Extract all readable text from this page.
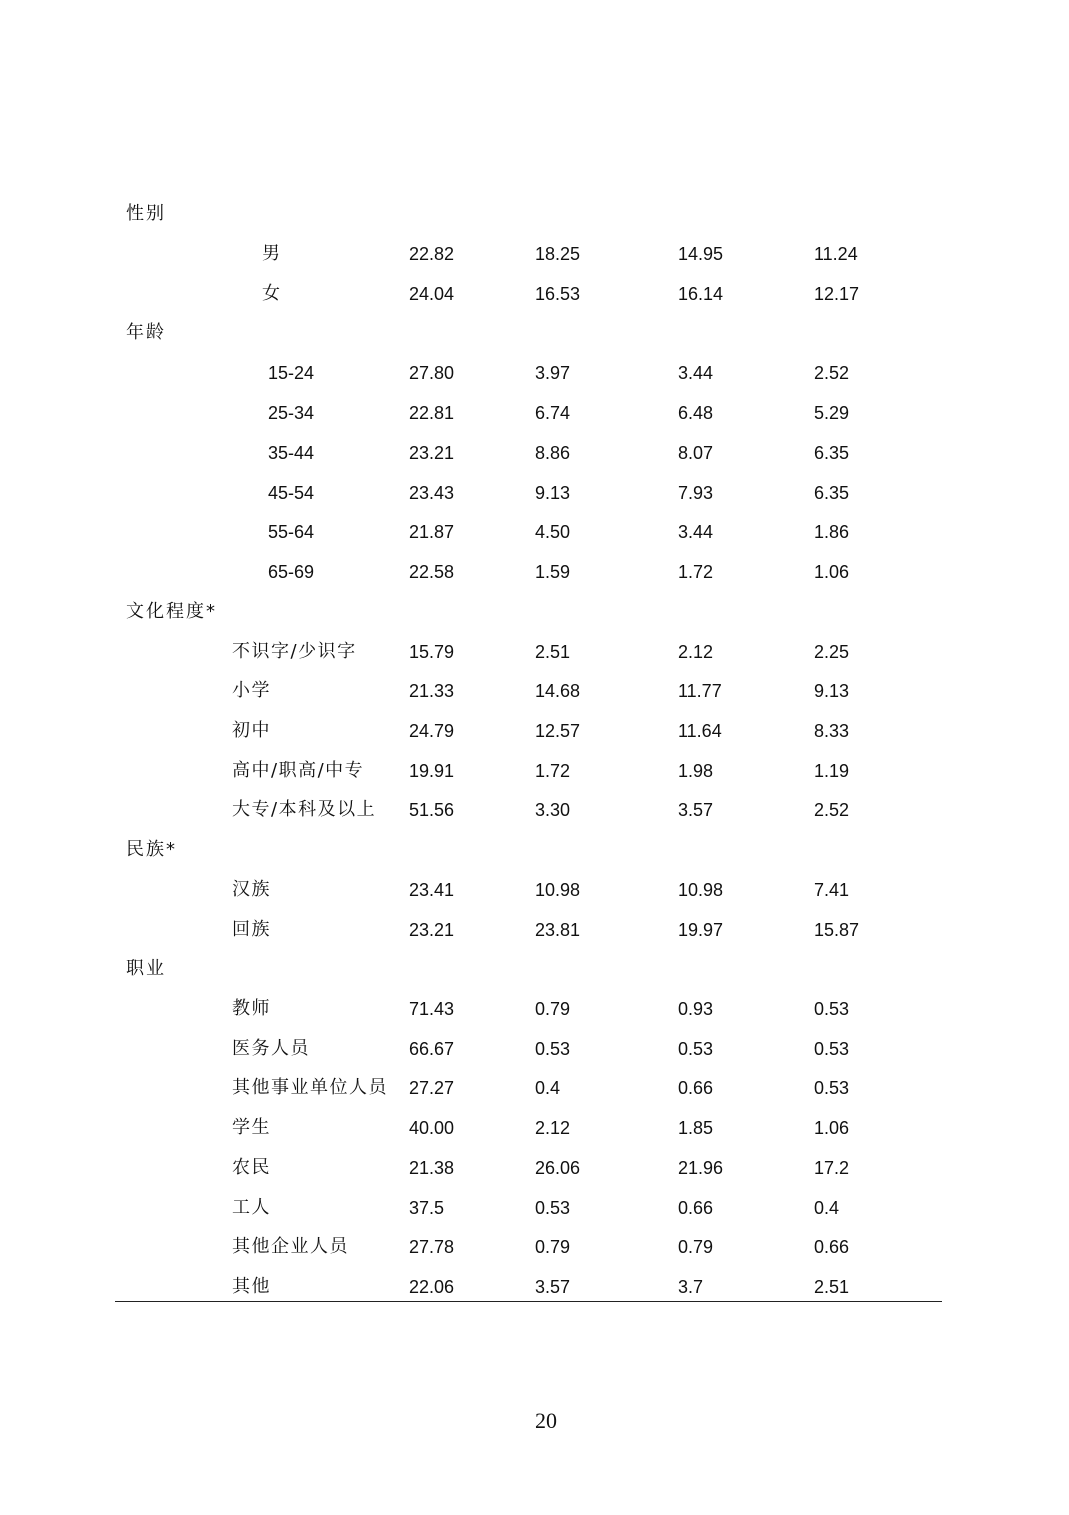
性别
男	22.82	18.25	14.95	11.24
女	24.04	16.53	16.14	12.17
年龄
15-24	27.80	3.97	3.44	2.52
25-34	22.81	6.74	6.48	5.29
35-44	23.21	8.86	8.07	6.35
45-54	23.43	9.13	7.93	6.35
55-64	21.87	4.50	3.44	1.86
65-69	22.58	1.59	1.72	1.06
文化程度*
不识字/少识字	15.79	2.51	2.12	2.25
小学	21.33	14.68	11.77	9.13
初中	24.79	12.57	11.64	8.33
高中/职高/中专 19.91	1.72	1.98	1.19
大专/本科及以上 51.56	3.30	3.57	2.52
民族*
汉族	23.41	10.98	10.98	7.41
回族	23.21	23.81	19.97	15.87
职业
教师	71.43	0.79	0.93	0.53
医务人员	66.67	0.53	0.53	0.53
其他事业单位人员 27.27	0.4	0.66	0.53
学生	40.00	2.12	1.85	1.06
农民	21.38	26.06	21.96	17.2
工人	37.5	0.53	0.66	0.4
其他企业人员	27.78	0.79	0.79	0.66
其他	22.06	3.57	3.7	2.51
20
